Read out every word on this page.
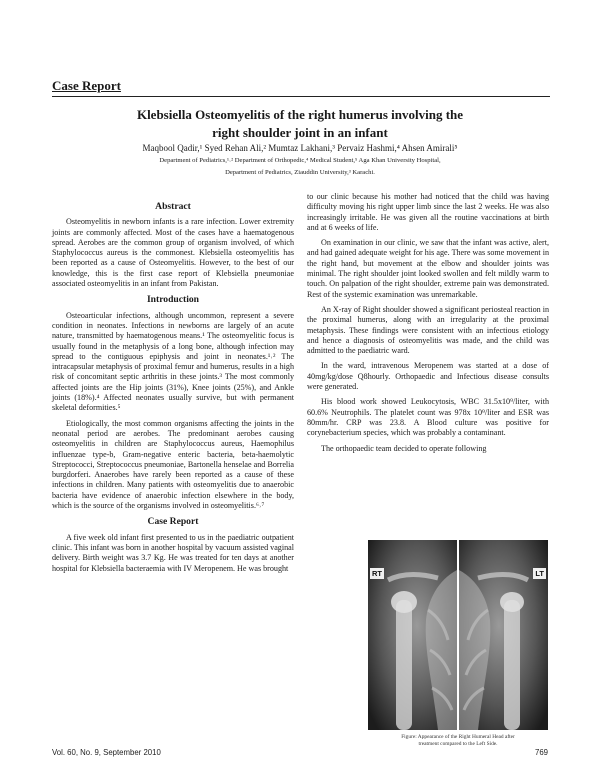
Case Report
Klebsiella Osteomyelitis of the right humerus involving the
right shoulder joint in an infant
Maqbool Qadir,¹ Syed Rehan Ali,² Mumtaz Lakhani,³ Pervaiz Hashmi,⁴ Ahsen Amirali⁵
Department of Pediatrics,¹˒² Department of Orthopedic,⁴ Medical Student,⁵ Aga Khan University Hospital,
Department of Pediatrics, Ziauddin University,³ Karachi.
Abstract

Osteomyelitis in newborn infants is a rare infection. Lower extremity joints are commonly affected. Most of the cases have a haematogenous spread. Aerobes are the common group of organism involved, of which Staphylococcus aureus is the commonest. Klebsiella osteomyelitis has been reported as a cause of Osteomyelitis. However, to the best of our knowledge, this is the first case report of Klebsiella pneumoniae associated osteomyelitis in an infant from Pakistan.

Introduction

Osteoarticular infections, although uncommon, represent a severe condition in neonates. Infections in newborns are largely of an acute nature, transmitted by haematogenous means.¹ The osteomyelitic focus is usually found in the metaphysis of a long bone, although infection may spread to the contiguous epiphysis and joint in neonates.¹˒² The intracapsular metaphysis of proximal femur and humerus, results in a high risk of concomitant septic arthritis in these joints.³ The most commonly affected joints are the Hip joints (31%), Knee joints (25%), and Ankle joints (18%).⁴ Affected neonates usually survive, but with permanent skeletal deformities.⁵

Etiologically, the most common organisms affecting the joints in the neonatal period are aerobes. The predominant aerobes causing osteomyelitis in children are Staphylococcus aureus, Haemophilus influenzae type-b, Gram-negative enteric bacteria, beta-haemolytic Streptococci, Streptococcus pneumoniae, Bartonella henselae and Borrelia burgdorferi. Anaerobes have rarely been reported as a cause of these infections in children. Many patients with osteomyelitis due to anaerobic bacteria have evidence of anaerobic infection elsewhere in the body, which is the source of the organisms involved in osteomyelitis.⁶˒⁷

Case Report

A five week old infant first presented to us in the paediatric outpatient clinic. This infant was born in another hospital by vacuum assisted vaginal delivery. Birth weight was 3.7 Kg. He was treated for ten days at another hospital for Klebsiella bacteraemia with IV Meropenem. He was brought

to our clinic because his mother had noticed that the child was having difficulty moving his right upper limb since the last 2 weeks. He was also increasingly irritable. He was given all the routine vaccinations at birth and at 6 weeks of life.

On examination in our clinic, we saw that the infant was active, alert, and had gained adequate weight for his age. There was some movement in the right hand, but movement at the elbow and shoulder joints was minimal. The right shoulder joint looked swollen and felt mildly warm to touch. On palpation of the right shoulder, extreme pain was demonstrated. Rest of the systemic examination was unremarkable.

An X-ray of Right shoulder showed a significant periosteal reaction in the proximal humerus, along with an irregularity at the proximal metaphysis. These findings were consistent with an infectious etiology and hence a diagnosis of osteomyelitis was made, and the child was admitted to the paediatric ward.

In the ward, intravenous Meropenem was started at a dose of 40mg/kg/dose Q8hourly. Orthopaedic and Infectious disease consults were generated.

His blood work showed Leukocytosis, WBC 31.5x10⁹/liter, with 60.6% Neutrophils. The platelet count was 978x 10⁹/liter and ESR was 80mm/hr. CRP was 23.8. A Blood culture was positive for corynebacterium species, which was probably a contaminant.

The orthopaedic team decided to operate following

RT	LT
Figure: Appearance of the Right Humeral Head after
treatment compared to the Left Side.
Vol. 60, No. 9, September 2010	769
